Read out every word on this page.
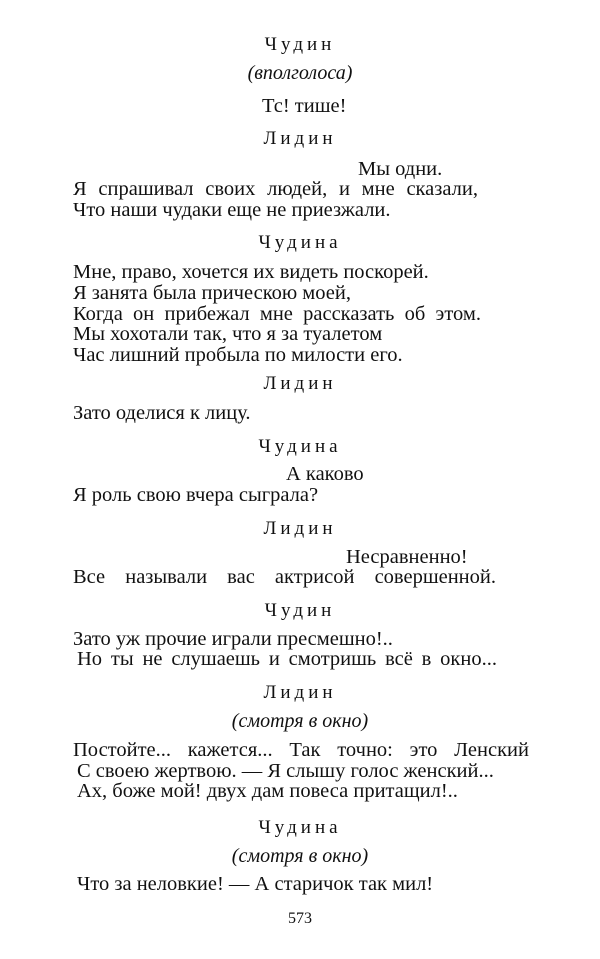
Чудин
(вполголоса)
Тс! тише!
Лидин
Мы одни.
Я спрашивал своих людей, и мне сказали,
Что наши чудаки еще не приезжали.
Чудина
Мне, право, хочется их видеть поскорей.
Я занята была прическою моей,
Когда он прибежал мне рассказать об этом.
Мы хохотали так, что я за туалетом
Час лишний пробыла по милости его.
Лидин
Зато оделися к лицу.
Чудина
А каково
Я роль свою вчера сыграла?
Лидин
Несравненно!
Все называли вас актрисой совершенной.
Чудин
Зато уж прочие играли пресмешно!..
Но ты не слушаешь и смотришь всё в окно...
Лидин
(смотря в окно)
Постойте... кажется... Так точно: это Ленский
С своею жертвою. — Я слышу голос женский...
Ах, боже мой! двух дам повеса притащил!..
Чудина
(смотря в окно)
Что за неловкие! — А старичок так мил!
573
